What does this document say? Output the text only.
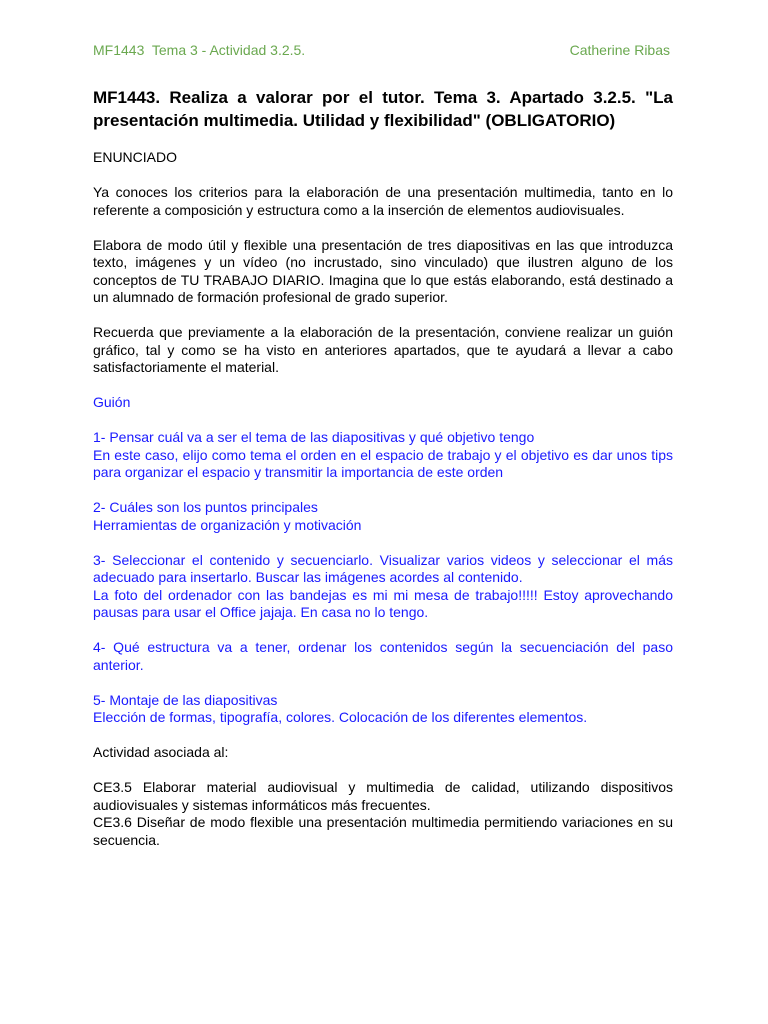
MF1443  Tema 3 - Actividad 3.2.5.	Catherine Ribas
MF1443. Realiza a valorar por el tutor. Tema 3. Apartado 3.2.5. "La presentación multimedia. Utilidad y flexibilidad" (OBLIGATORIO)

ENUNCIADO

Ya conoces los criterios para la elaboración de una presentación multimedia, tanto en lo referente a composición y estructura como a la inserción de elementos audiovisuales.

Elabora de modo útil y flexible una presentación de tres diapositivas en las que introduzca texto, imágenes y un vídeo (no incrustado, sino vinculado) que ilustren alguno de los conceptos de TU TRABAJO DIARIO. Imagina que lo que estás elaborando, está destinado a un alumnado de formación profesional de grado superior.

Recuerda que previamente a la elaboración de la presentación, conviene realizar un guión gráfico, tal y como se ha visto en anteriores apartados, que te ayudará a llevar a cabo satisfactoriamente el material.

Guión

1- Pensar cuál va a ser el tema de las diapositivas y qué objetivo tengo
En este caso, elijo como tema el orden en el espacio de trabajo y el objetivo es dar unos tips para organizar el espacio y transmitir la importancia de este orden

2- Cuáles son los puntos principales
Herramientas de organización y motivación

3- Seleccionar el contenido y secuenciarlo. Visualizar varios videos y seleccionar el más adecuado para insertarlo. Buscar las imágenes acordes al contenido.
La foto del ordenador con las bandejas es mi mi mesa de trabajo!!!!! Estoy aprovechando pausas para usar el Office jajaja. En casa no lo tengo.

4- Qué estructura va a tener, ordenar los contenidos según la secuenciación del paso anterior.

5- Montaje de las diapositivas
Elección de formas, tipografía, colores. Colocación de los diferentes elementos.

Actividad asociada al:

CE3.5 Elaborar material audiovisual y multimedia de calidad, utilizando dispositivos audiovisuales y sistemas informáticos más frecuentes.
CE3.6 Diseñar de modo flexible una presentación multimedia permitiendo variaciones en su secuencia.
